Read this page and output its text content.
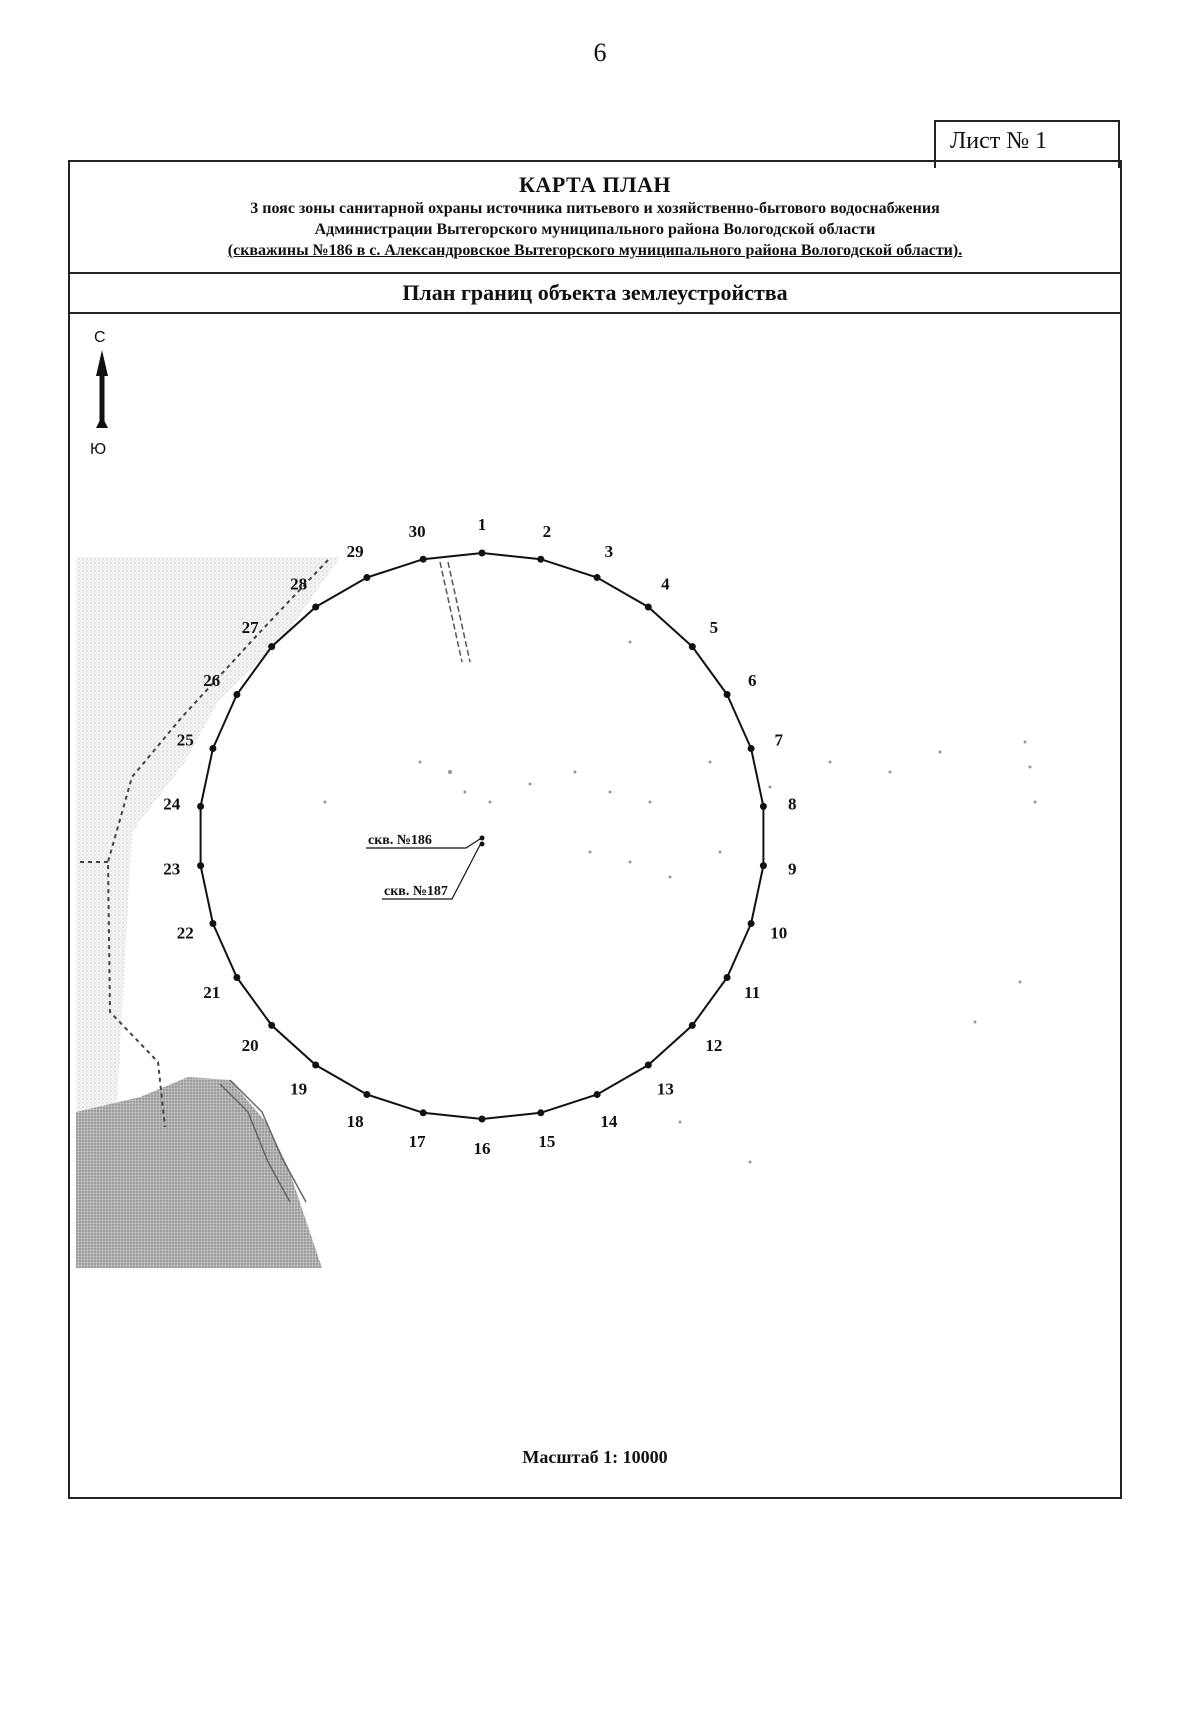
6
Лист № 1
1	2
3
4
5
6
7
8
9
10
11
12
13
14
15
16
17
18
19
20
21
22
23
24
25
26
27
28
29
30
скв. №186
скв. №187
С
Ю
КАРТА ПЛАН
3 пояс зоны санитарной охраны источника питьевого и хозяйственно-бытового водоснабжения
Администрации Вытегорского муниципального района Вологодской области
(скважины №186 в с. Александровское Вытегорского муниципального района Вологодской области).
План границ объекта землеустройства
Масштаб 1: 10000
